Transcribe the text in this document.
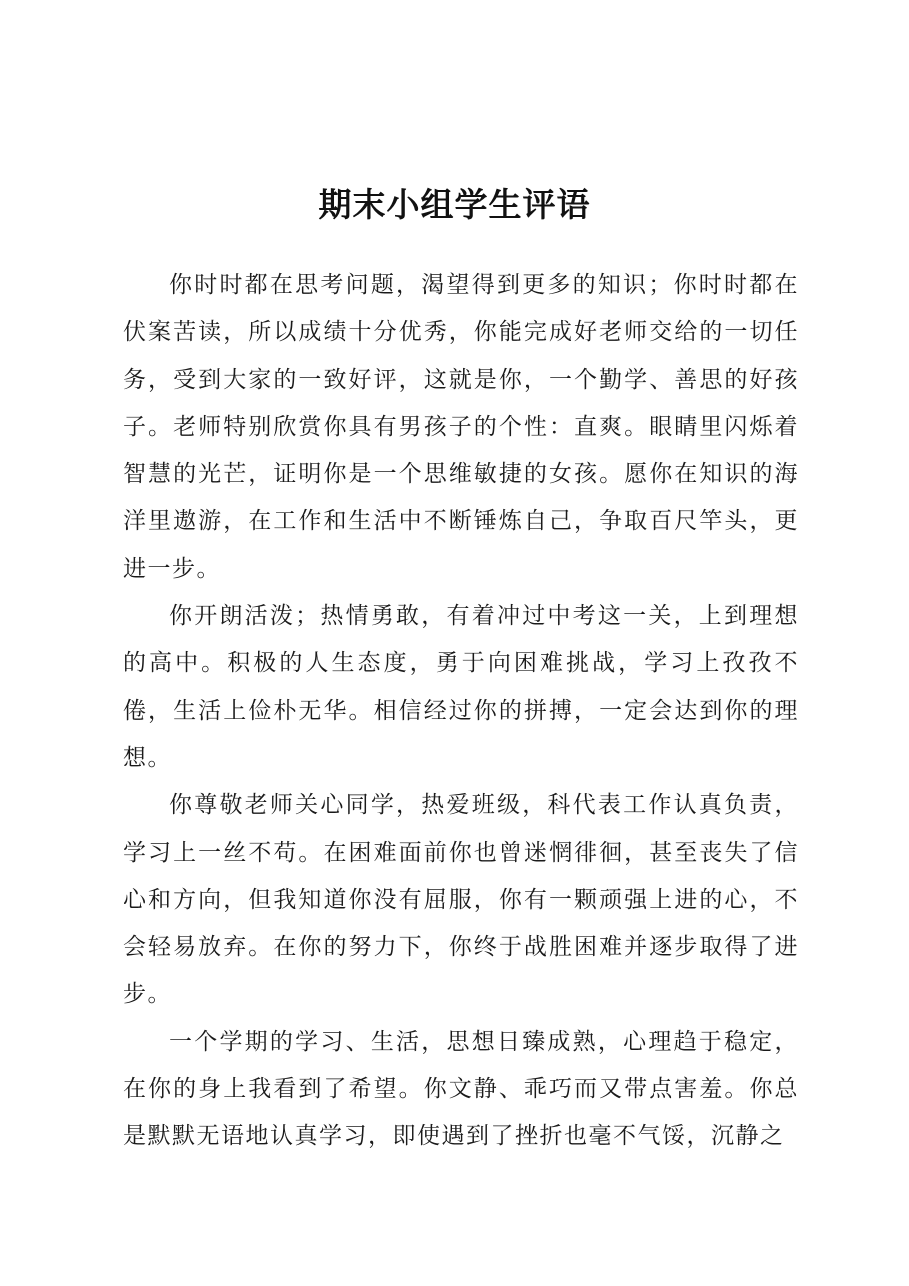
期末小组学生评语

你时时都在思考问题，渴望得到更多的知识；你时时都在伏案苦读，所以成绩十分优秀，你能完成好老师交给的一切任务，受到大家的一致好评，这就是你，一个勤学、善思的好孩子。老师特别欣赏你具有男孩子的个性：直爽。眼睛里闪烁着智慧的光芒，证明你是一个思维敏捷的女孩。愿你在知识的海洋里遨游，在工作和生活中不断锤炼自己，争取百尺竿头，更进一步。

你开朗活泼；热情勇敢，有着冲过中考这一关，上到理想的高中。积极的人生态度，勇于向困难挑战，学习上孜孜不倦，生活上俭朴无华。相信经过你的拼搏，一定会达到你的理想。

你尊敬老师关心同学，热爱班级，科代表工作认真负责，学习上一丝不苟。在困难面前你也曾迷惘徘徊，甚至丧失了信心和方向，但我知道你没有屈服，你有一颗顽强上进的心，不会轻易放弃。在你的努力下，你终于战胜困难并逐步取得了进步。

一个学期的学习、生活，思想日臻成熟，心理趋于稳定，在你的身上我看到了希望。你文静、乖巧而又带点害羞。你总是默默无语地认真学习，即使遇到了挫折也毫不气馁，沉静之
